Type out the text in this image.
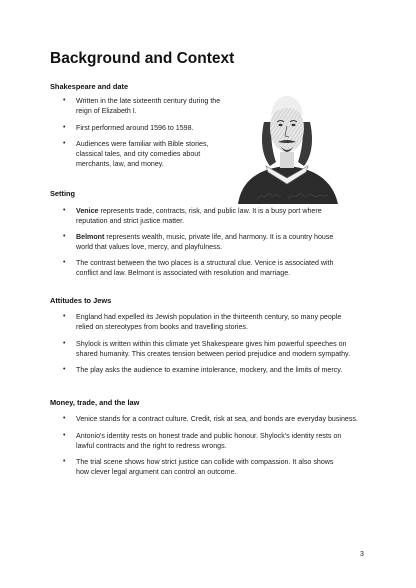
Background and Context
Shakespeare and date
•	Written in the late sixteenth century during the reign of Elizabeth I.
•	First performed around 1596 to 1598.
•	Audiences were familiar with Bible stories, classical tales, and city comedies about merchants, law, and money.
Setting
•	Venice represents trade, contracts, risk, and public law. It is a busy port where reputation and strict justice matter.
•	Belmont represents wealth, music, private life, and harmony. It is a country house world that values love, mercy, and playfulness.
•	The contrast between the two places is a structural clue. Venice is associated with conflict and law. Belmont is associated with resolution and marriage.
Attitudes to Jews
•	England had expelled its Jewish population in the thirteenth century, so many people relied on stereotypes from books and travelling stories.
•	Shylock is written within this climate yet Shakespeare gives him powerful speeches on shared humanity. This creates tension between period prejudice and modern sympathy.
•	The play asks the audience to examine intolerance, mockery, and the limits of mercy.
Money, trade, and the law
•	Venice stands for a contract culture. Credit, risk at sea, and bonds are everyday business.
•	Antonio's identity rests on honest trade and public honour. Shylock's identity rests on lawful contracts and the right to redress wrongs.
•	The trial scene shows how strict justice can collide with compassion. It also shows how clever legal argument can control an outcome.
3
